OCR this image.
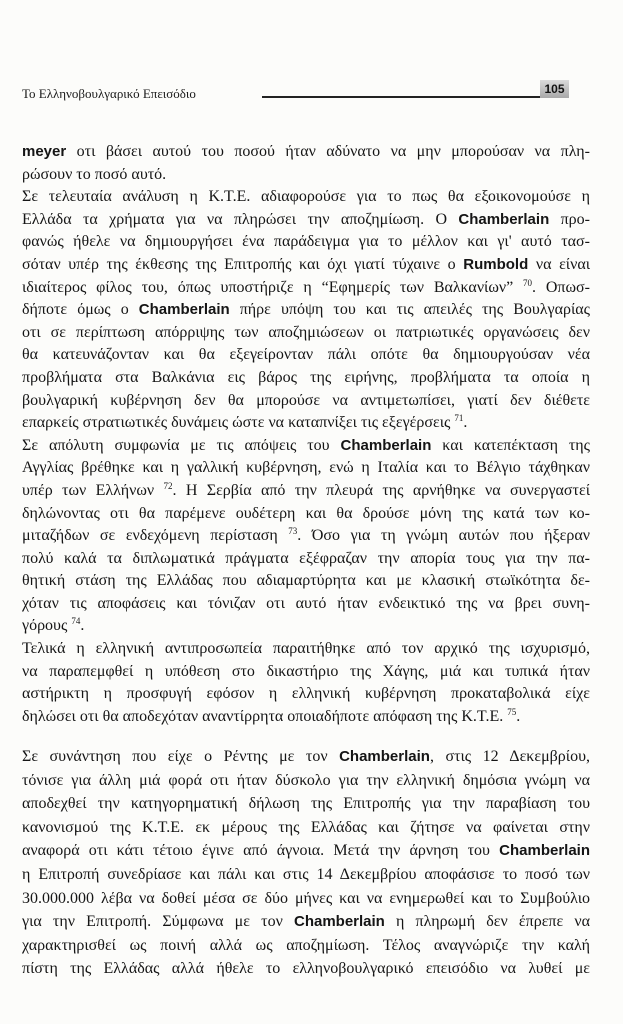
Το Ελληνοβουλγαρικό Επεισόδιο	105
meyer οτι βάσει αυτού του ποσού ήταν αδύνατο να μην μπορούσαν να πλη-
ρώσουν το ποσό αυτό.
Σε τελευταία ανάλυση η Κ.Τ.Ε. αδιαφορούσε για το πως θα εξοικονομούσε η
Ελλάδα τα χρήματα για να πληρώσει την αποζημίωση. Ο Chamberlain προ-
φανώς ήθελε να δημιουργήσει ένα παράδειγμα για το μέλλον και γι' αυτό τασ-
σόταν υπέρ της έκθεσης της Επιτροπής και όχι γιατί τύχαινε ο Rumbold να είναι
ιδιαίτερος φίλος του, όπως υποστήριζε η “Εφημερίς των Βαλκανίων” $^{70}$. Οπωσ-
δήποτε όμως ο Chamberlain πήρε υπόψη του και τις απειλές της Βουλγαρίας
οτι σε περίπτωση απόρριψης των αποζημιώσεων οι πατριωτικές οργανώσεις δεν
θα κατευνάζονταν και θα εξεγείρονταν πάλι οπότε θα δημιουργούσαν νέα
προβλήματα στα Βαλκάνια εις βάρος της ειρήνης, προβλήματα τα οποία η
βουλγαρική κυβέρνηση δεν θα μπορούσε να αντιμετωπίσει, γιατί δεν διέθετε
επαρκείς στρατιωτικές δυνάμεις ώστε να καταπνίξει τις εξεγέρσεις $^{71}$.
Σε απόλυτη συμφωνία με τις απόψεις του Chamberlain και κατεπέκταση της
Αγγλίας βρέθηκε και η γαλλική κυβέρνηση, ενώ η Ιταλία και το Βέλγιο τάχθηκαν
υπέρ των Ελλήνων $^{72}$. Η Σερβία από την πλευρά της αρνήθηκε να συνεργαστεί
δηλώνοντας οτι θα παρέμενε ουδέτερη και θα δρούσε μόνη της κατά των κο-
μιταζήδων σε ενδεχόμενη περίσταση $^{73}$. Όσο για τη γνώμη αυτών που ήξεραν
πολύ καλά τα διπλωματικά πράγματα εξέφραζαν την απορία τους για την πα-
θητική στάση της Ελλάδας που αδιαμαρτύρητα και με κλασική στωϊκότητα δε-
χόταν τις αποφάσεις και τόνιζαν οτι αυτό ήταν ενδεικτικό της να βρει συνη-
γόρους $^{74}$.
Τελικά η ελληνική αντιπροσωπεία παραιτήθηκε από τον αρχικό της ισχυρισμό,
να παραπεμφθεί η υπόθεση στο δικαστήριο της Χάγης, μιά και τυπικά ήταν
αστήρικτη η προσφυγή εφόσον η ελληνική κυβέρνηση προκαταβολικά είχε
δηλώσει οτι θα αποδεχόταν αναντίρρητα οποιαδήποτε απόφαση της Κ.Τ.Ε. $^{75}$.
Σε συνάντηση που είχε ο Ρέντης με τον Chamberlain, στις 12 Δεκεμβρίου,
τόνισε για άλλη μιά φορά οτι ήταν δύσκολο για την ελληνική δημόσια γνώμη να
αποδεχθεί την κατηγορηματική δήλωση της Επιτροπής για την παραβίαση του
κανονισμού της Κ.Τ.Ε. εκ μέρους της Ελλάδας και ζήτησε να φαίνεται στην
αναφορά οτι κάτι τέτοιο έγινε από άγνοια. Μετά την άρνηση του Chamberlain
η Επιτροπή συνεδρίασε και πάλι και στις 14 Δεκεμβρίου αποφάσισε το ποσό των
30.000.000 λέβα να δοθεί μέσα σε δύο μήνες και να ενημερωθεί και το Συμβούλιο
για την Επιτροπή. Σύμφωνα με τον Chamberlain η πληρωμή δεν έπρεπε να
χαρακτηρισθεί ως ποινή αλλά ως αποζημίωση. Τέλος αναγνώριζε την καλή
πίστη της Ελλάδας αλλά ήθελε το ελληνοβουλγαρικό επεισόδιο να λυθεί με
